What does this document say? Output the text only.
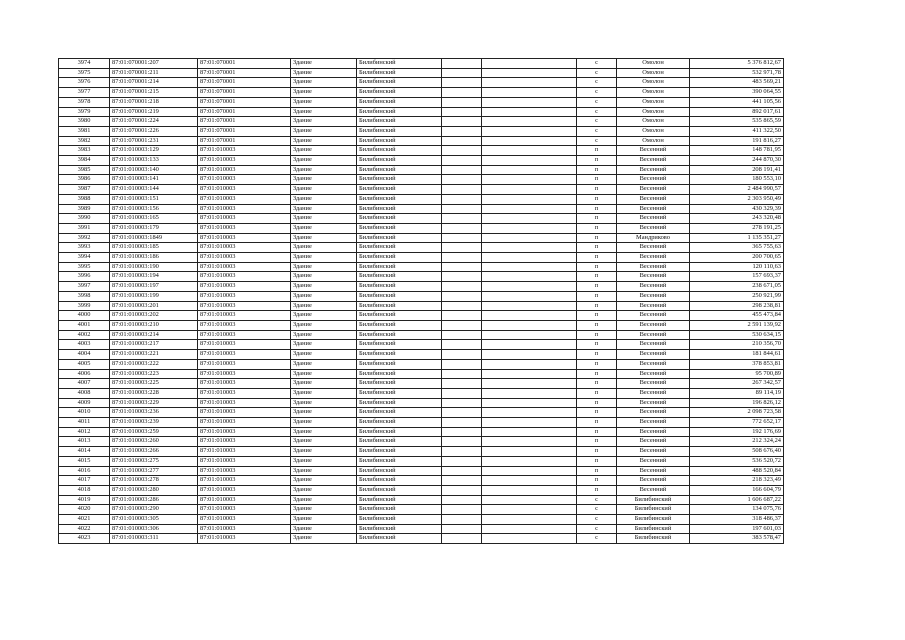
3974	87:01:070001:207	87:01:070001	Здание	Билибинский			с	Омолон	5 376 812,67
3975	87:01:070001:211	87:01:070001	Здание	Билибинский			с	Омолон	532 971,78
3976	87:01:070001:214	87:01:070001	Здание	Билибинский			с	Омолон	483 569,21
3977	87:01:070001:215	87:01:070001	Здание	Билибинский			с	Омолон	390 064,55
3978	87:01:070001:218	87:01:070001	Здание	Билибинский			с	Омолон	441 105,56
3979	87:01:070001:219	87:01:070001	Здание	Билибинский			с	Омолон	892 017,61
3980	87:01:070001:224	87:01:070001	Здание	Билибинский			с	Омолон	535 865,59
3981	87:01:070001:226	87:01:070001	Здание	Билибинский			с	Омолон	411 322,50
3982	87:01:070001:231	87:01:070001	Здание	Билибинский			с	Омолон	191 816,27
3983	87:01:010003:129	87:01:010003	Здание	Билибинский			п	Весенний	148 781,95
3984	87:01:010003:133	87:01:010003	Здание	Билибинский			п	Весенний	244 870,30
3985	87:01:010003:140	87:01:010003	Здание	Билибинский			п	Весенний	208 191,41
3986	87:01:010003:141	87:01:010003	Здание	Билибинский			п	Весенний	180 553,10
3987	87:01:010003:144	87:01:010003	Здание	Билибинский			п	Весенний	2 484 990,57
3988	87:01:010003:151	87:01:010003	Здание	Билибинский			п	Весенний	2 303 950,49
3989	87:01:010003:156	87:01:010003	Здание	Билибинский			п	Весенний	430 329,39
3990	87:01:010003:165	87:01:010003	Здание	Билибинский			п	Весенний	243 320,48
3991	87:01:010003:179	87:01:010003	Здание	Билибинский			п	Весенний	278 191,25
3992	87:01:010003:1849	87:01:010003	Здание	Билибинский			п	Мандриково	1 135 351,27
3993	87:01:010003:185	87:01:010003	Здание	Билибинский			п	Весенний	365 755,63
3994	87:01:010003:186	87:01:010003	Здание	Билибинский			п	Весенний	200 700,65
3995	87:01:010003:190	87:01:010003	Здание	Билибинский			п	Весенний	120 110,63
3996	87:01:010003:194	87:01:010003	Здание	Билибинский			п	Весенний	157 693,37
3997	87:01:010003:197	87:01:010003	Здание	Билибинский			п	Весенний	238 671,05
3998	87:01:010003:199	87:01:010003	Здание	Билибинский			п	Весенний	250 921,99
3999	87:01:010003:201	87:01:010003	Здание	Билибинский			п	Весенний	298 238,81
4000	87:01:010003:202	87:01:010003	Здание	Билибинский			п	Весенний	455 473,84
4001	87:01:010003:210	87:01:010003	Здание	Билибинский			п	Весенний	2 591 139,92
4002	87:01:010003:214	87:01:010003	Здание	Билибинский			п	Весенний	530 634,15
4003	87:01:010003:217	87:01:010003	Здание	Билибинский			п	Весенний	210 356,70
4004	87:01:010003:221	87:01:010003	Здание	Билибинский			п	Весенний	181 844,61
4005	87:01:010003:222	87:01:010003	Здание	Билибинский			п	Весенний	378 853,81
4006	87:01:010003:223	87:01:010003	Здание	Билибинский			п	Весенний	95 700,89
4007	87:01:010003:225	87:01:010003	Здание	Билибинский			п	Весенний	267 342,57
4008	87:01:010003:228	87:01:010003	Здание	Билибинский			п	Весенний	89 114,19
4009	87:01:010003:229	87:01:010003	Здание	Билибинский			п	Весенний	196 826,12
4010	87:01:010003:236	87:01:010003	Здание	Билибинский			п	Весенний	2 098 723,58
4011	87:01:010003:239	87:01:010003	Здание	Билибинский			п	Весенний	772 652,17
4012	87:01:010003:259	87:01:010003	Здание	Билибинский			п	Весенний	192 176,69
4013	87:01:010003:260	87:01:010003	Здание	Билибинский			п	Весенний	212 324,24
4014	87:01:010003:266	87:01:010003	Здание	Билибинский			п	Весенний	508 676,40
4015	87:01:010003:275	87:01:010003	Здание	Билибинский			п	Весенний	536 520,72
4016	87:01:010003:277	87:01:010003	Здание	Билибинский			п	Весенний	488 520,84
4017	87:01:010003:278	87:01:010003	Здание	Билибинский			п	Весенний	218 323,49
4018	87:01:010003:280	87:01:010003	Здание	Билибинский			п	Весенний	166 604,79
4019	87:01:010003:286	87:01:010003	Здание	Билибинский			с	Билибинский	1 606 687,22
4020	87:01:010003:290	87:01:010003	Здание	Билибинский			с	Билибинский	134 075,76
4021	87:01:010003:305	87:01:010003	Здание	Билибинский			с	Билибинский	318 486,37
4022	87:01:010003:306	87:01:010003	Здание	Билибинский			с	Билибинский	197 601,03
4023	87:01:010003:311	87:01:010003	Здание	Билибинский			с	Билибинский	383 578,47
